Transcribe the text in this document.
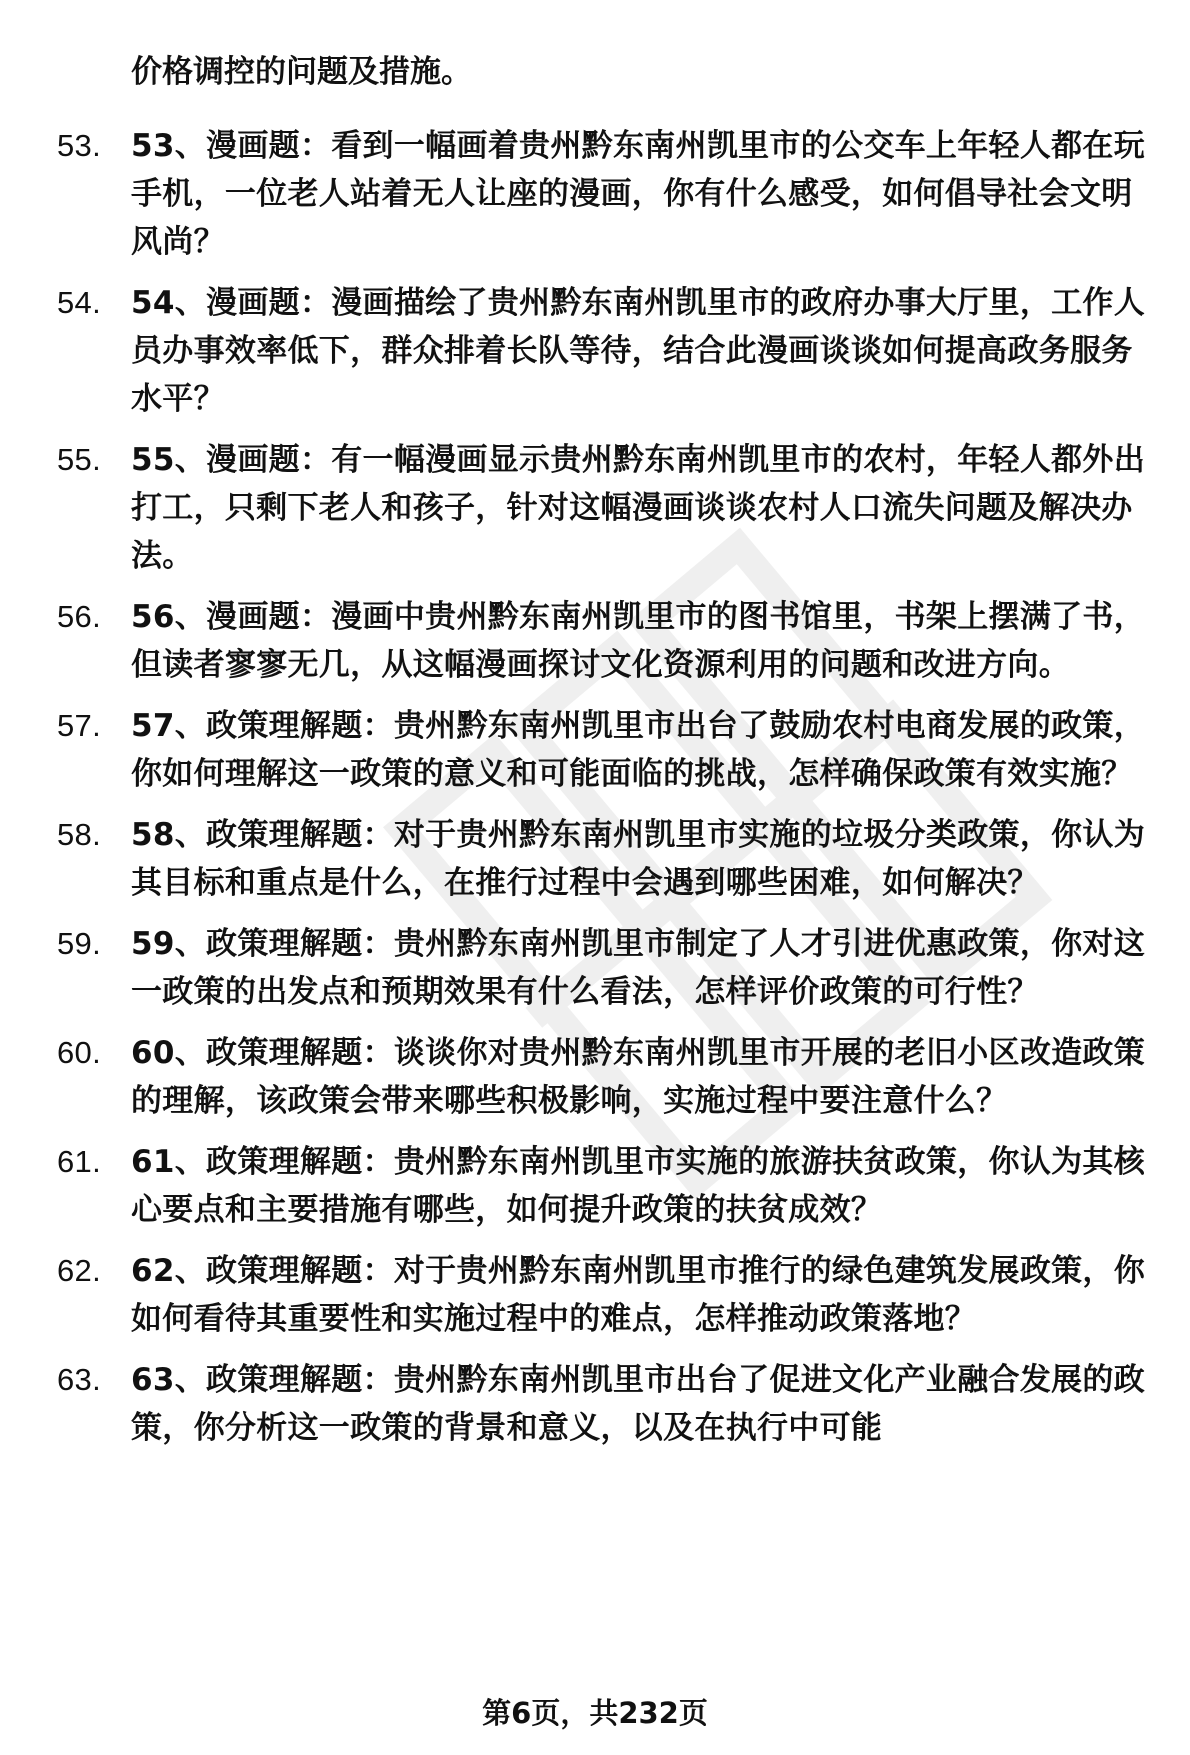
价格调控的问题及措施。

53. 53、漫画题：看到一幅画着贵州黔东南州凯里市的公交车上年轻人都在玩手机，一位老人站着无人让座的漫画，你有什么感受，如何倡导社会文明风尚？
54. 54、漫画题：漫画描绘了贵州黔东南州凯里市的政府办事大厅里，工作人员办事效率低下，群众排着长队等待，结合此漫画谈谈如何提高政务服务水平？
55. 55、漫画题：有一幅漫画显示贵州黔东南州凯里市的农村，年轻人都外出打工，只剩下老人和孩子，针对这幅漫画谈谈农村人口流失问题及解决办法。
56. 56、漫画题：漫画中贵州黔东南州凯里市的图书馆里，书架上摆满了书，但读者寥寥无几，从这幅漫画探讨文化资源利用的问题和改进方向。
57. 57、政策理解题：贵州黔东南州凯里市出台了鼓励农村电商发展的政策，你如何理解这一政策的意义和可能面临的挑战，怎样确保政策有效实施？
58. 58、政策理解题：对于贵州黔东南州凯里市实施的垃圾分类政策，你认为其目标和重点是什么，在推行过程中会遇到哪些困难，如何解决？
59. 59、政策理解题：贵州黔东南州凯里市制定了人才引进优惠政策，你对这一政策的出发点和预期效果有什么看法，怎样评价政策的可行性？
60. 60、政策理解题：谈谈你对贵州黔东南州凯里市开展的老旧小区改造政策的理解，该政策会带来哪些积极影响，实施过程中要注意什么？
61. 61、政策理解题：贵州黔东南州凯里市实施的旅游扶贫政策，你认为其核心要点和主要措施有哪些，如何提升政策的扶贫成效？
62. 62、政策理解题：对于贵州黔东南州凯里市推行的绿色建筑发展政策，你如何看待其重要性和实施过程中的难点，怎样推动政策落地？
63. 63、政策理解题：贵州黔东南州凯里市出台了促进文化产业融合发展的政策，你分析这一政策的背景和意义，以及在执行中可能
第6页，共232页
